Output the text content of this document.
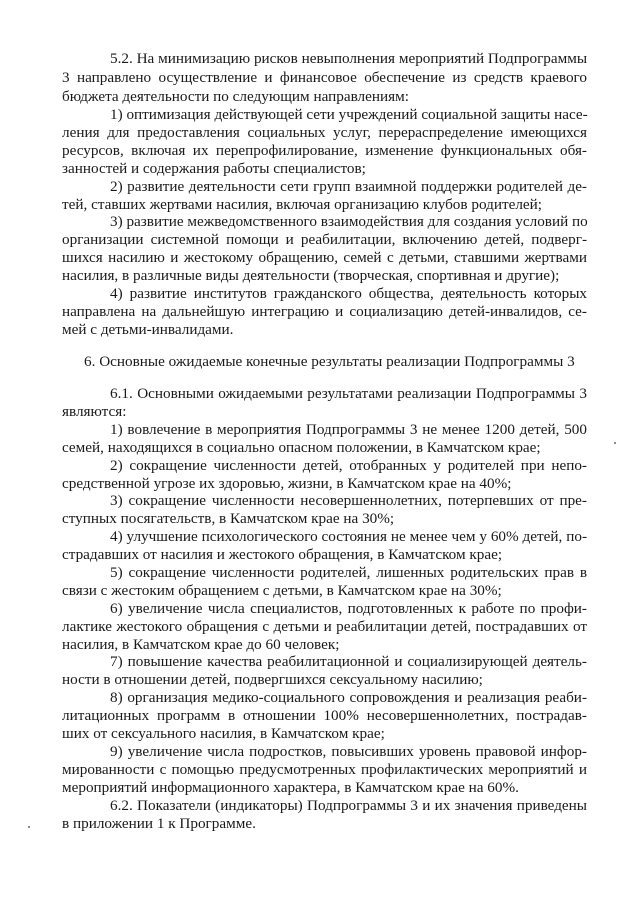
5.2. На минимизацию рисков невыполнения мероприятий Подпрограммы
3 направлено осуществление и финансовое обеспечение из средств краевого
бюджета деятельности по следующим направлениям:
1) оптимизация действующей сети учреждений социальной защиты насе-
ления для предоставления социальных услуг, перераспределение имеющихся
ресурсов, включая их перепрофилирование, изменение функциональных обя-
занностей и содержания работы специалистов;
2) развитие деятельности сети групп взаимной поддержки родителей де-
тей, ставших жертвами насилия, включая организацию клубов родителей;
3) развитие межведомственного взаимодействия для создания условий по
организации системной помощи и реабилитации, включению детей, подверг-
шихся насилию и жестокому обращению, семей с детьми, ставшими жертвами
насилия, в различные виды деятельности (творческая, спортивная и другие);
4) развитие институтов гражданского общества, деятельность которых
направлена на дальнейшую интеграцию и социализацию детей-инвалидов, се-
мей с детьми-инвалидами.
6. Основные ожидаемые конечные результаты реализации Подпрограммы 3
6.1. Основными ожидаемыми результатами реализации Подпрограммы 3
являются:
1) вовлечение в мероприятия Подпрограммы 3 не менее 1200 детей, 500
семей, находящихся в социально опасном положении, в Камчатском крае;
2) сокращение численности детей, отобранных у родителей при непо-
средственной угрозе их здоровью, жизни, в Камчатском крае на 40%;
3) сокращение численности несовершеннолетних, потерпевших от пре-
ступных посягательств, в Камчатском крае на 30%;
4) улучшение психологического состояния не менее чем у 60% детей, по-
страдавших от насилия и жестокого обращения, в Камчатском крае;
5) сокращение численности родителей, лишенных родительских прав в
связи с жестоким обращением с детьми, в Камчатском крае на 30%;
6) увеличение числа специалистов, подготовленных к работе по профи-
лактике жестокого обращения с детьми и реабилитации детей, пострадавших от
насилия, в Камчатском крае до 60 человек;
7) повышение качества реабилитационной и социализирующей деятель-
ности в отношении детей, подвергшихся сексуальному насилию;
8) организация медико-социального сопровождения и реализация реаби-
литационных программ в отношении 100% несовершеннолетних, пострадав-
ших от сексуального насилия, в Камчатском крае;
9) увеличение числа подростков, повысивших уровень правовой инфор-
мированности с помощью предусмотренных профилактических мероприятий и
мероприятий информационного характера, в Камчатском крае на 60%.
6.2. Показатели (индикаторы) Подпрограммы 3 и их значения приведены
в приложении 1 к Программе.
